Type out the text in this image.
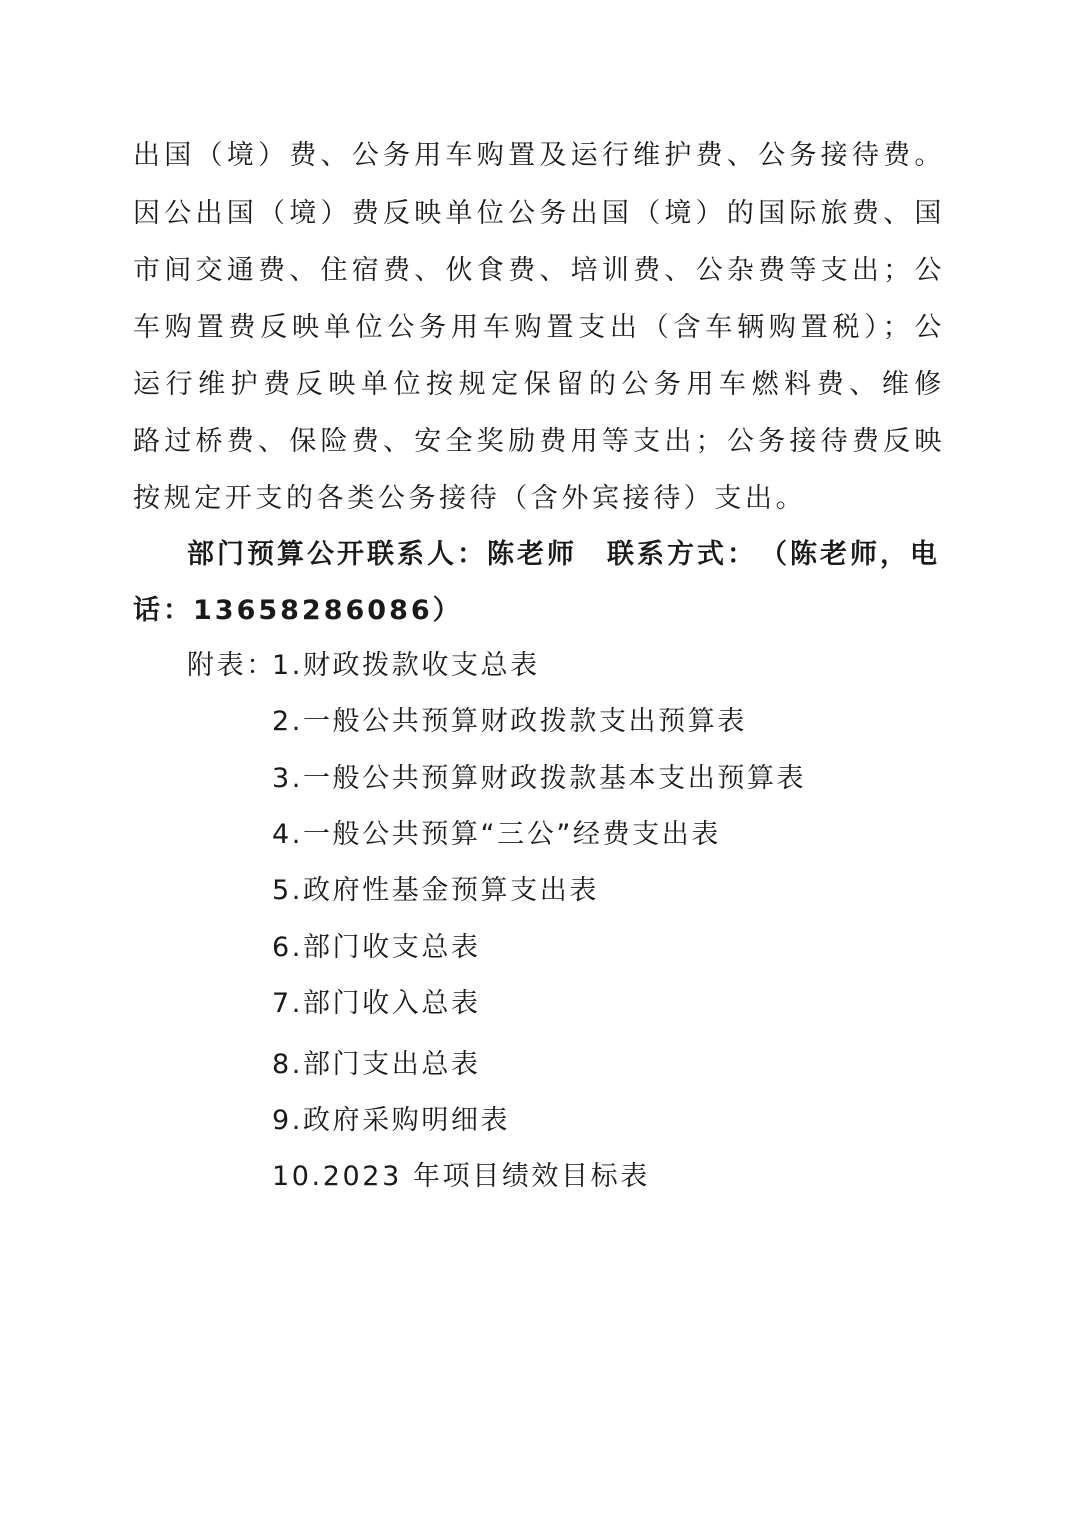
出国（境）费、公务用车购置及运行维护费、公务接待费。
因公出国（境）费反映单位公务出国（境）的国际旅费、国
市间交通费、住宿费、伙食费、培训费、公杂费等支出；公
车购置费反映单位公务用车购置支出（含车辆购置税）；公
运行维护费反映单位按规定保留的公务用车燃料费、维修
路过桥费、保险费、安全奖励费用等支出；公务接待费反映
按规定开支的各类公务接待（含外宾接待）支出。
部门预算公开联系人：陈老师　联系方式：　（陈老师，电
话：13658286086）
附表：
1.财政拨款收支总表
2.一般公共预算财政拨款支出预算表
3.一般公共预算财政拨款基本支出预算表
4.一般公共预算“三公”经费支出表
5.政府性基金预算支出表
6.部门收支总表
7.部门收入总表
8.部门支出总表
9.政府采购明细表
10.2023 年项目绩效目标表
